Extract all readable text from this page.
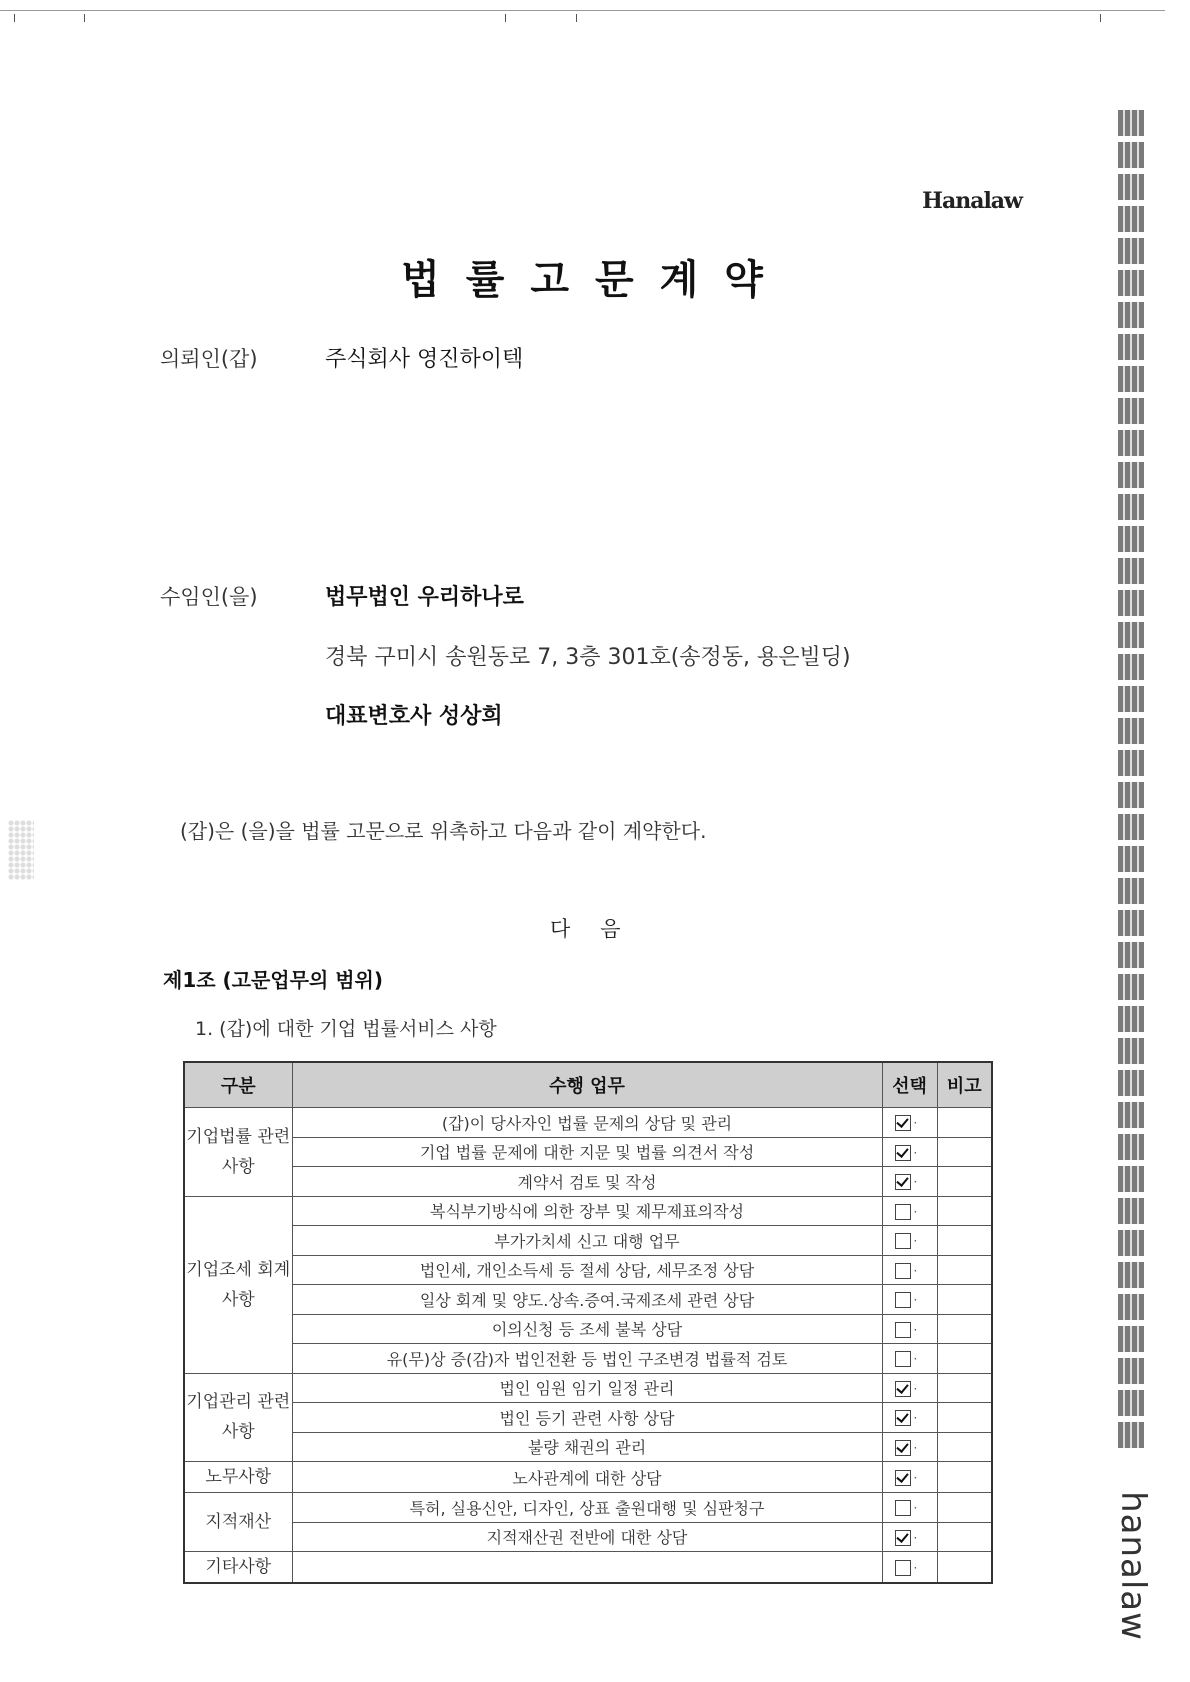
Hanalaw
법률고문계약
의뢰인(갑)	주식회사 영진하이텍
수임인(을)	법무법인 우리하나로
경북 구미시 송원동로 7, 3층 301호(송정동, 용은빌딩)
대표변호사 성상희
(갑)은 (을)을 법률 고문으로 위촉하고 다음과 같이 계약한다.
다음
제1조 (고문업무의 범위)
1. (갑)에 대한 기업 법률서비스 사항
구분	수행 업무	선택	비고
기업법률 관련사항	(갑)이 당사자인 법률 문제의 상담 및 관리	·	
	기업 법률 문제에 대한 지문 및 법률 의견서 작성	·	
	계약서 검토 및 작성	·	
기업조세 회계사항	복식부기방식에 의한 장부 및 제무제표의작성	·	
	부가가치세 신고 대행 업무	·	
	법인세, 개인소득세 등 절세 상담, 세무조정 상담	·	
	일상 회계 및 양도.상속.증여.국제조세 관련 상담	·	
	이의신청 등 조세 불복 상담	·	
	유(무)상 증(감)자 법인전환 등 법인 구조변경 법률적 검토	·	
기업관리 관련사항	법인 임원 임기 일정 관리	·	
	법인 등기 관련 사항 상담	·	
	불량 채권의 관리	·	
노무사항	노사관계에 대한 상담	·	
지적재산	특허, 실용신안, 디자인, 상표 출원대행 및 심판청구	·	
	지적재산권 전반에 대한 상담	·	
기타사항		·		hanalaw
